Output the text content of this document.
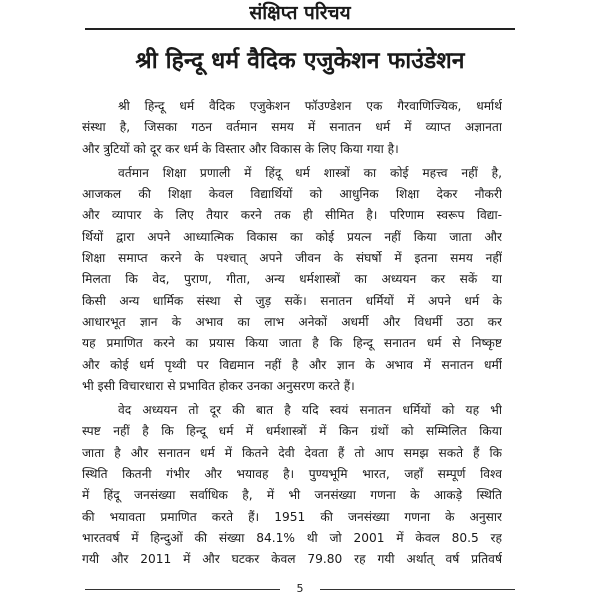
संक्षिप्त परिचय
श्री हिन्दू धर्म वैदिक एजुकेशन फाउंडेशन
श्री हिन्दू धर्म वैदिक एजुकेशन फॉउण्डेशन एक गैरवाणिज्यिक, धर्मार्थ
संस्था है, जिसका गठन वर्तमान समय में सनातन धर्म में व्याप्त अज्ञानता
और त्रुटियों को दूर कर धर्म के विस्तार और विकास के लिए किया गया है।
वर्तमान शिक्षा प्रणाली में हिंदू धर्म शास्त्रों का कोई महत्त्व नहीं है,
आजकल की शिक्षा केवल विद्यार्थियों को आधुनिक शिक्षा देकर नौकरी
और व्यापार के लिए तैयार करने तक ही सीमित है। परिणाम स्वरूप विद्या-
र्थियों द्वारा अपने आध्यात्मिक विकास का कोई प्रयत्न नहीं किया जाता और
शिक्षा समाप्त करने के पश्चात् अपने जीवन के संघर्षो में इतना समय नहीं
मिलता कि वेद, पुराण, गीता, अन्य धर्मशास्त्रों का अध्ययन कर सकें या
किसी अन्य धार्मिक संस्था से जुड़ सकें। सनातन धर्मियों में अपने धर्म के
आधारभूत ज्ञान के अभाव का लाभ अनेकों अधर्मी और विधर्मी उठा कर
यह प्रमाणित करने का प्रयास किया जाता है कि हिन्दू सनातन धर्म से निष्कृष्ट
और कोई धर्म पृथ्वी पर विद्यमान नहीं है और ज्ञान के अभाव में सनातन धर्मी
भी इसी विचारधारा से प्रभावित होकर उनका अनुसरण करते हैं।
वेद अध्ययन तो दूर की बात है यदि स्वयं सनातन धर्मियों को यह भी
स्पष्ट नहीं है कि हिन्दू धर्म में धर्मशास्त्रों में किन ग्रंथों को सम्मिलित किया
जाता है और सनातन धर्म में कितने देवी देवता हैं तो आप समझ सकते हैं कि
स्थिति कितनी गंभीर और भयावह है। पुण्यभूमि भारत, जहाँ सम्पूर्ण विश्व
में हिंदू जनसंख्या सर्वाधिक है, में भी जनसंख्या गणना के आकड़े स्थिति
की भयावता प्रमाणित करते हैं। 1951 की जनसंख्या गणना के अनुसार
भारतवर्ष में हिन्दुओं की संख्या 84.1% थी जो 2001 में केवल 80.5 रह
गयी और 2011 में और घटकर केवल 79.80 रह गयी अर्थात् वर्ष प्रतिवर्ष
5
